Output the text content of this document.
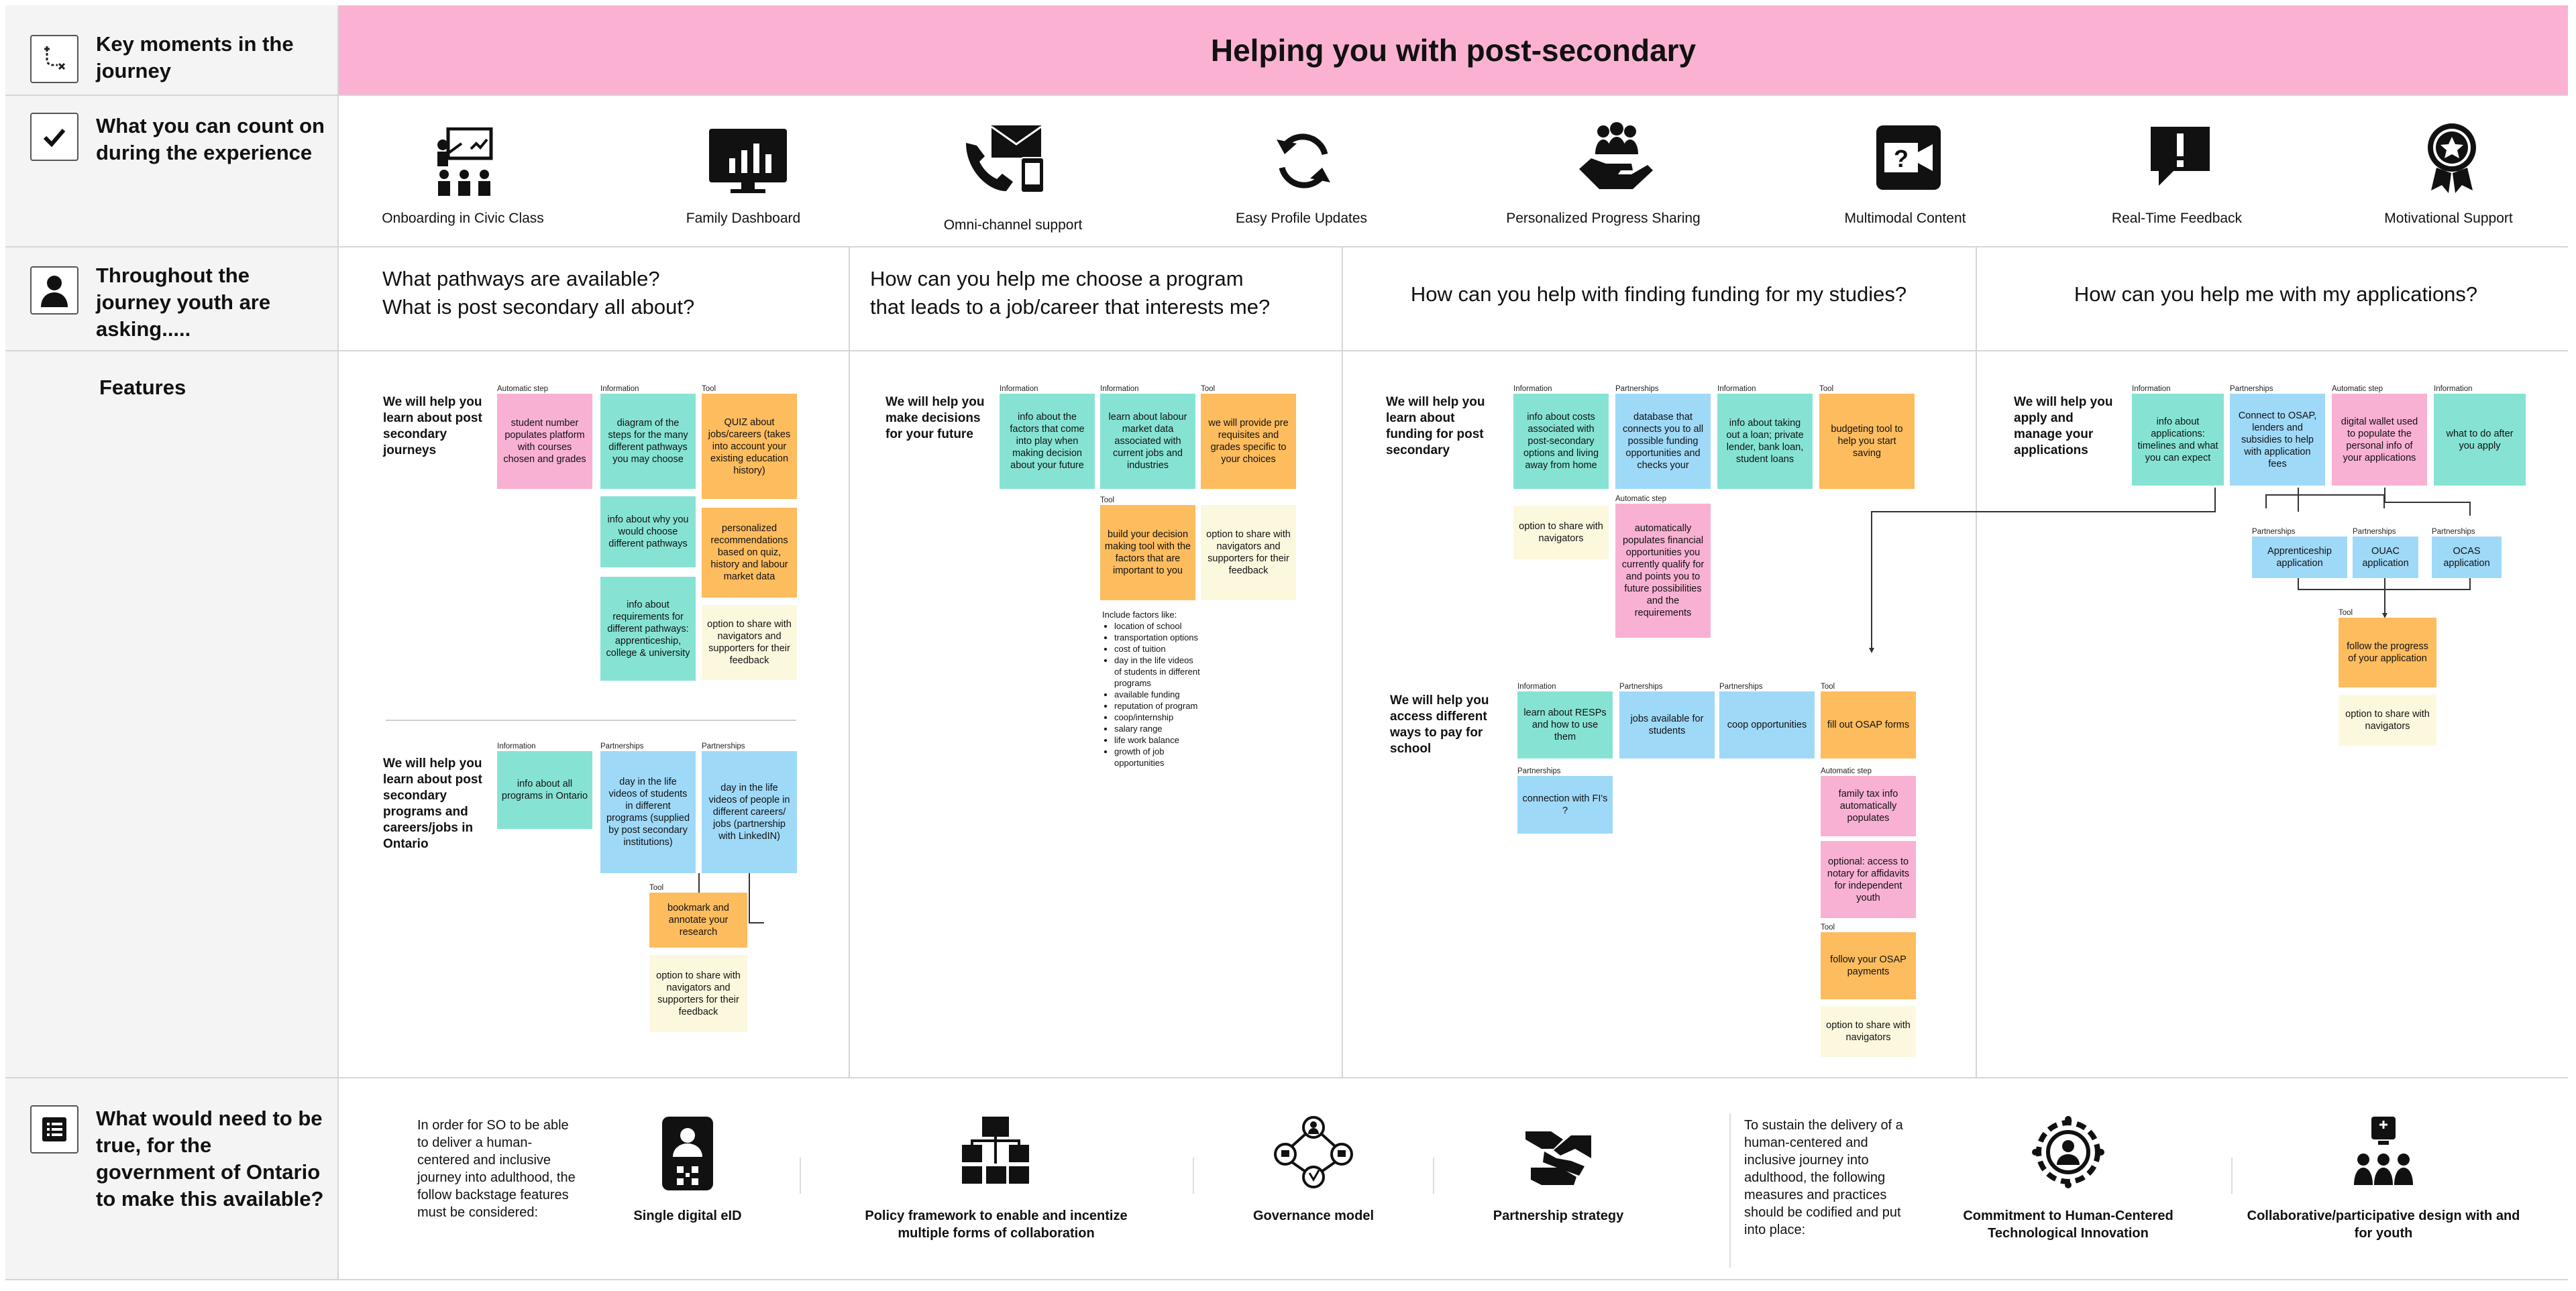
Helping you with post-secondary
Key moments in the journey
What you can count on during the experience
Throughout the journey youth are asking.....
Features
What would need to be true, for the government of Ontario to make this available?
?
Onboarding in Civic Class	Family Dashboard	Omni-channel support	Easy Profile Updates	Personalized Progress Sharing	Multimodal Content	Real-Time Feedback	Motivational Support
What pathways are available?
What is post secondary all about?
How can you help me choose a program
that leads to a job/career that interests me?
How can you help with finding funding for my studies?	How can you help me with my applications?
We will help you learn about post secondary journeys
Automatic step
student number populates platform with courses chosen and grades
Information
diagram of the steps for the many different pathways you may choose
Tool
QUIZ about jobs/careers (takes into account your existing education history)
info about why you would choose different pathways
personalized recommendations based on quiz, history and labour market data
info about requirements for different pathways: apprenticeship, college & university
option to share with navigators and supporters for their feedback
We will help you learn about post secondary programs and careers/jobs in Ontario
Information
info about all programs in Ontario
Partnerships
day in the life videos of students in different programs (supplied by post secondary institutions)
Partnerships
day in the life videos of people in different careers/ jobs (partnership with LinkedIN)
Tool
bookmark and annotate your research
option to share with navigators and supporters for their feedback
We will help you make decisions for your future
Information
info about the factors that come into play when making decision about your future
Information
learn about labour market data associated with current jobs and industries
Tool
we will provide pre requisites and grades specific to your choices
Tool
build your decision making tool with the factors that are important to you
option to share with navigators and supporters for their feedback
Include factors like:
• location of school
• transportation options
• cost of tuition
• day in the life videos of students in different programs
• available funding
• reputation of program
• coop/internship
• salary range
• life work balance
• growth of job opportunities
We will help you learn about funding for post secondary
Information
info about costs associated with post-secondary options and living away from home
Partnerships
database that connects you to all possible funding opportunities and checks your
Information
info about taking out a loan; private lender, bank loan, student loans
Tool
budgeting tool to help you start saving
option to share with navigators
Automatic step
automatically populates financial opportunities you currently qualify for and points you to future possibilities and the requirements
We will help you access different ways to pay for school
Information
learn about RESPs and how to use them
Partnerships
jobs available for students
Partnerships
coop opportunities
Tool
fill out OSAP forms
Partnerships
connection with FI's ?
Automatic step
family tax info automatically populates
optional: access to notary for affidavits for independent youth
Tool
follow your OSAP payments
option to share with navigators
We will help you apply and manage your applications
Information
info about applications: timelines and what you can expect
Partnerships
Connect to OSAP, lenders and subsidies to help with application fees
Automatic step
digital wallet used to populate the personal info of your applications
Information
what to do after you apply
Partnerships
Apprenticeship application
Partnerships
OUAC application
Partnerships
OCAS application
Tool
follow the progress of your application
option to share with navigators
In order for SO to be able to deliver a human-centered and inclusive journey into adulthood, the follow backstage features must be considered:
To sustain the delivery of a human-centered and inclusive journey into adulthood, the following measures and practices should be codified and put into place:
Single digital eID	Policy framework to enable and incentize multiple forms of collaboration
Governance model	Partnership strategy	Commitment to Human-Centered Technological Innovation
Collaborative/participative design with and for youth
